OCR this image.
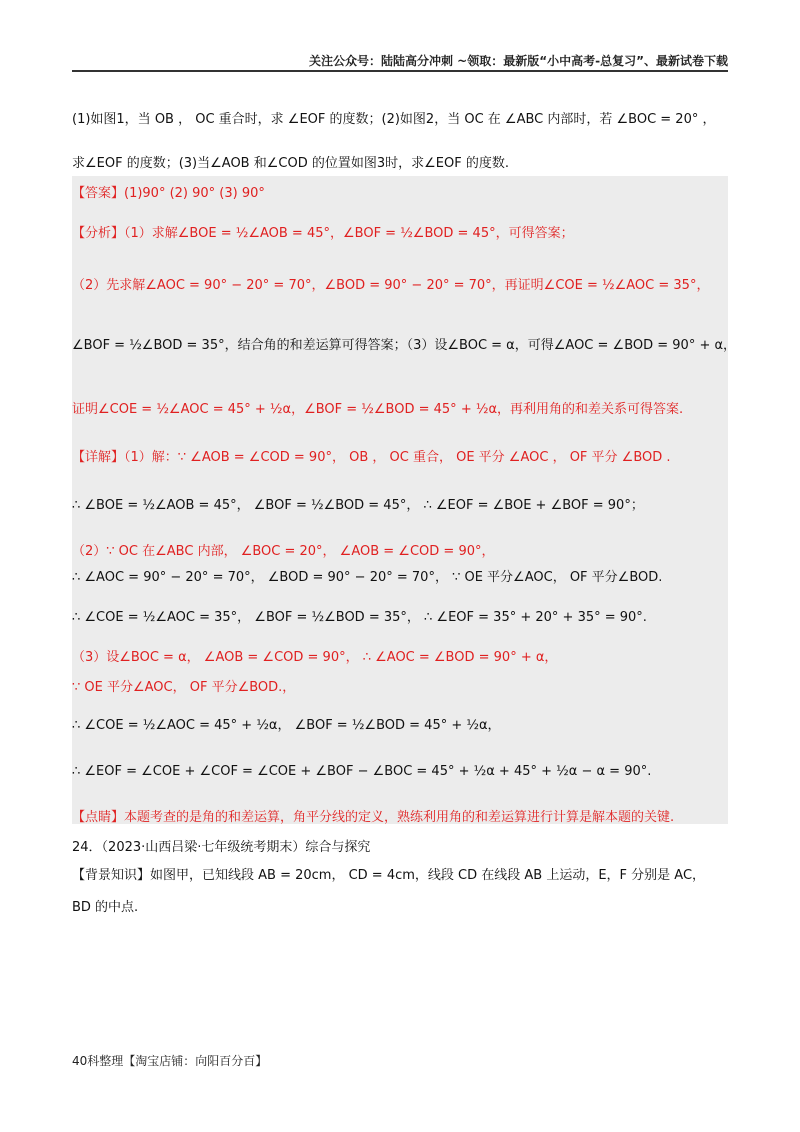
关注公众号：陆陆高分冲刺 ~领取：最新版“小中高考-总复习”、最新试卷下载
(1)如图1，当 OB ， OC 重合时，求 ∠EOF 的度数；(2)如图2，当 OC 在 ∠ABC 内部时，若 ∠BOC = 20° ，
求∠EOF 的度数；(3)当∠AOB 和∠COD 的位置如图3时，求∠EOF 的度数.
【答案】(1)90° (2) 90° (3) 90°
【分析】（1）求解∠BOE = ½∠AOB = 45°，∠BOF = ½∠BOD = 45°，可得答案；
（2）先求解∠AOC = 90° − 20° = 70°，∠BOD = 90° − 20° = 70°，再证明∠COE = ½∠AOC = 35°，
∠BOF = ½∠BOD = 35°，结合角的和差运算可得答案；（3）设∠BOC = α，可得∠AOC = ∠BOD = 90° + α，
证明∠COE = ½∠AOC = 45° + ½α，∠BOF = ½∠BOD = 45° + ½α，再利用角的和差关系可得答案.
【详解】（1）解：∵ ∠AOB = ∠COD = 90°， OB ， OC 重合， OE 平分 ∠AOC ， OF 平分 ∠BOD .
∴ ∠BOE = ½∠AOB = 45°， ∠BOF = ½∠BOD = 45°， ∴ ∠EOF = ∠BOE + ∠BOF = 90°；
（2）∵ OC 在∠ABC 内部， ∠BOC = 20°， ∠AOB = ∠COD = 90°，
∴ ∠AOC = 90° − 20° = 70°， ∠BOD = 90° − 20° = 70°， ∵ OE 平分∠AOC， OF 平分∠BOD.
∴ ∠COE = ½∠AOC = 35°， ∠BOF = ½∠BOD = 35°， ∴ ∠EOF = 35° + 20° + 35° = 90°.
（3）设∠BOC = α， ∠AOB = ∠COD = 90°， ∴ ∠AOC = ∠BOD = 90° + α，
∵ OE 平分∠AOC， OF 平分∠BOD.，
∴ ∠COE = ½∠AOC = 45° + ½α， ∠BOF = ½∠BOD = 45° + ½α，
∴ ∠EOF = ∠COE + ∠COF = ∠COE + ∠BOF − ∠BOC = 45° + ½α + 45° + ½α − α = 90°.
【点睛】本题考查的是角的和差运算，角平分线的定义，熟练利用角的和差运算进行计算是解本题的关键.
24．（2023·山西吕梁·七年级统考期末）综合与探究
【背景知识】如图甲，已知线段 AB = 20cm， CD = 4cm，线段 CD 在线段 AB 上运动，E，F 分别是 AC，
BD 的中点.
40科整理【淘宝店铺：向阳百分百】
